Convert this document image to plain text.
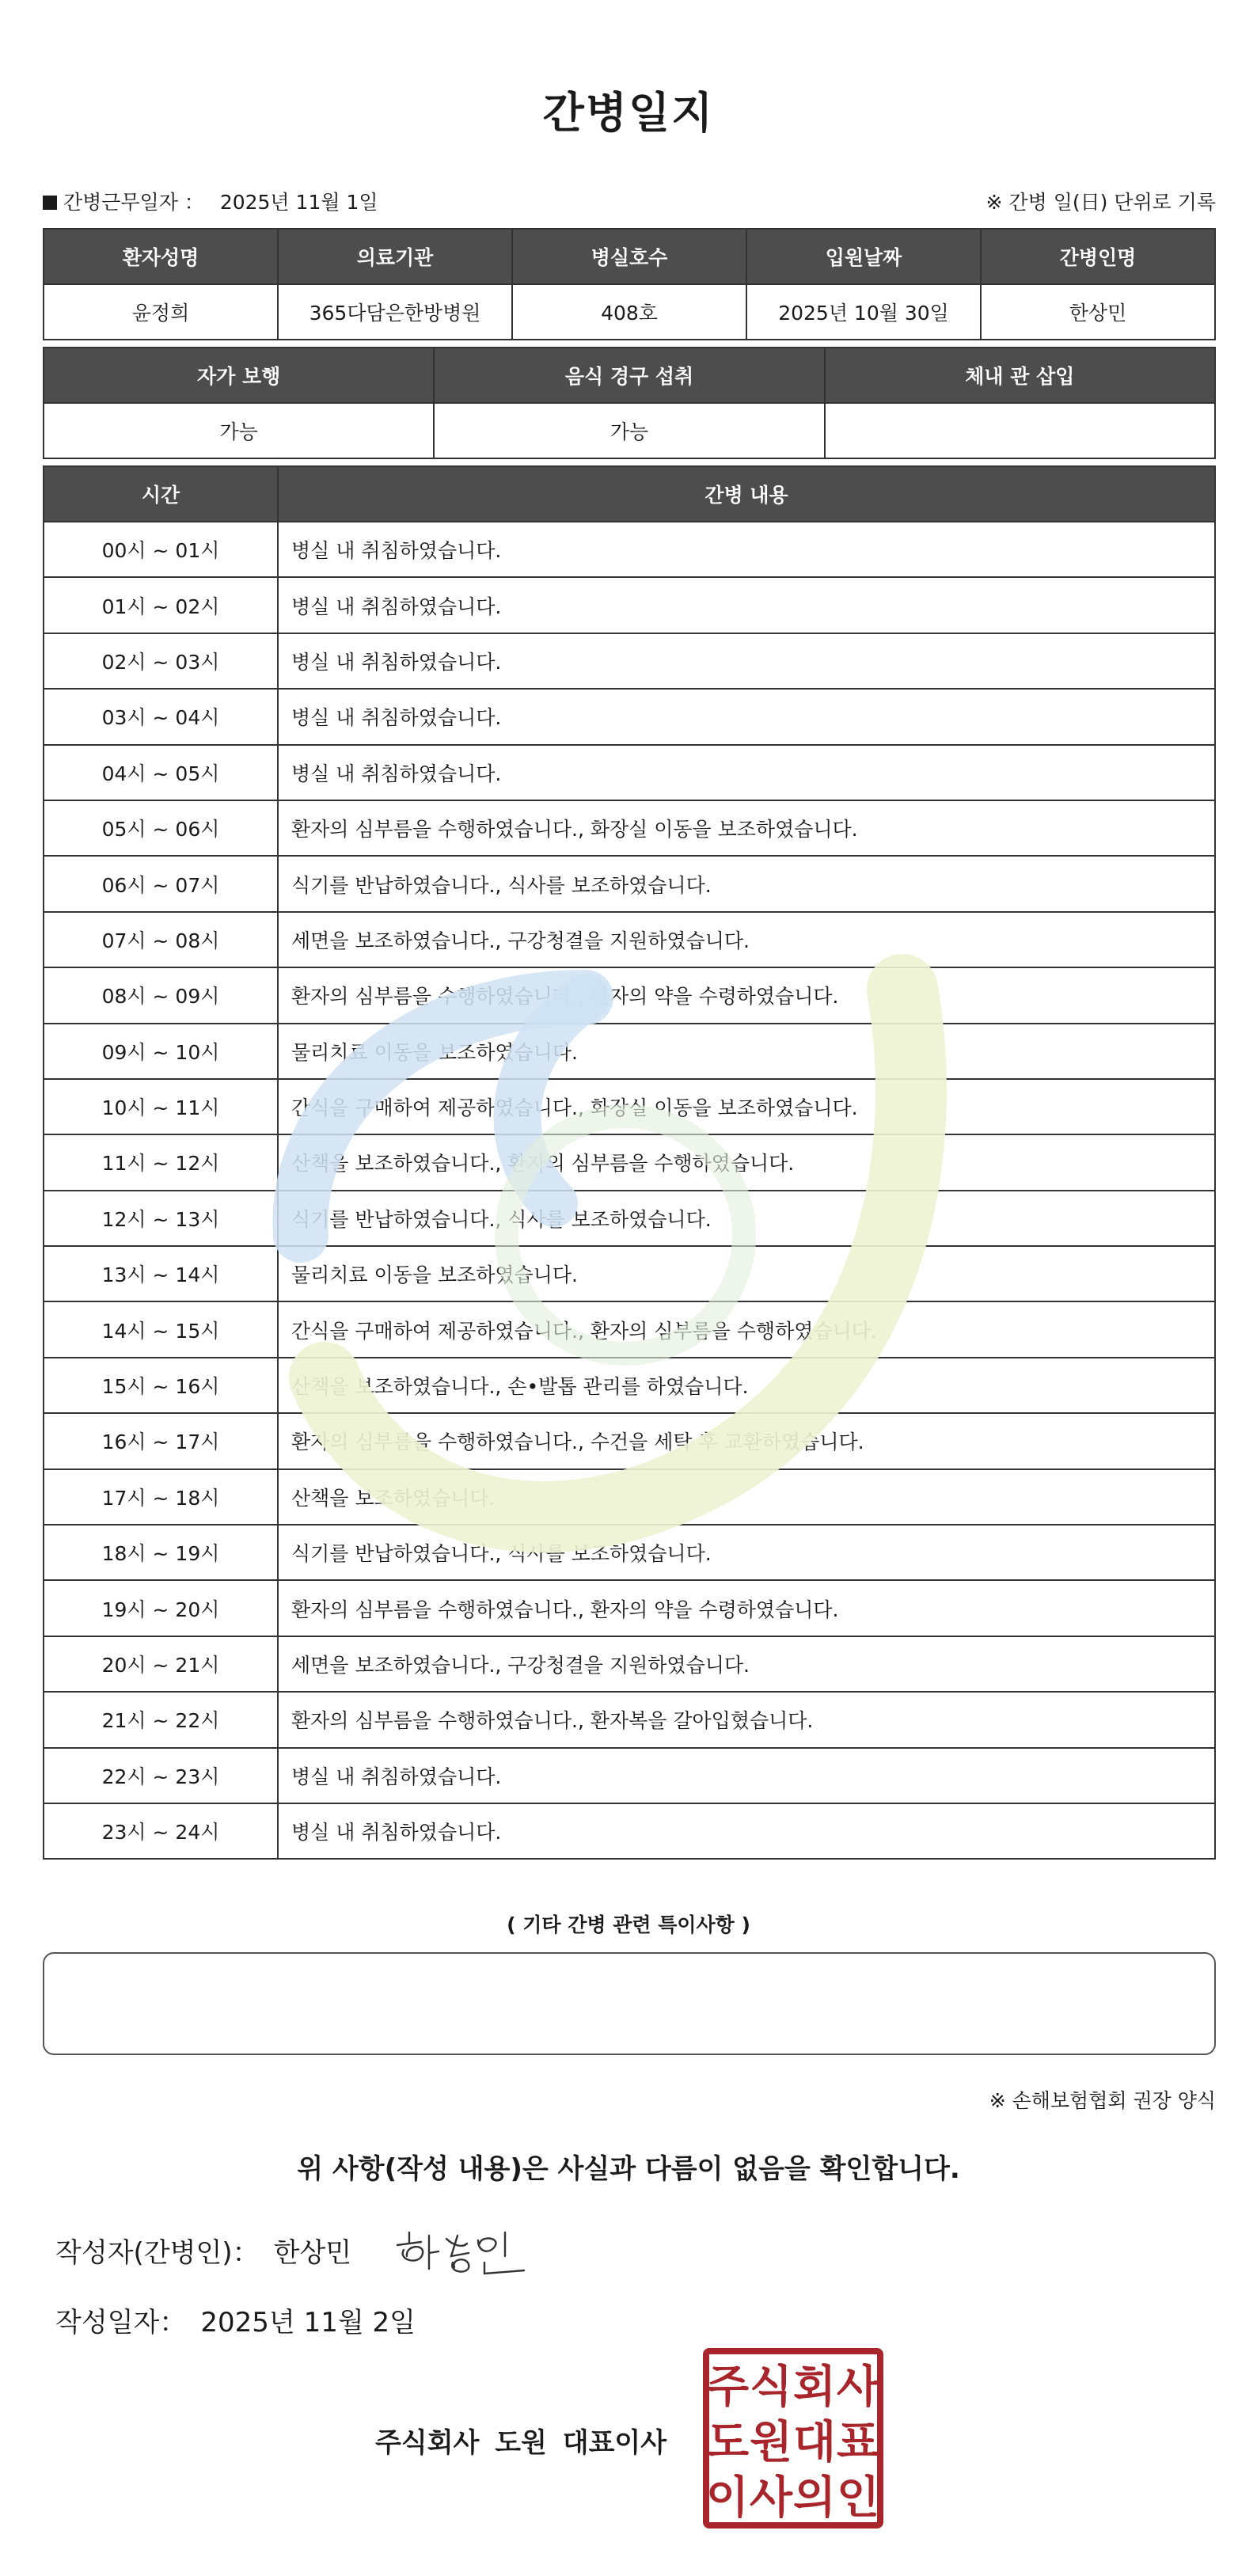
간병일지
간병근무일자 ： 2025년 11월 1일	※ 간병 일(日) 단위로 기록
환자성명	의료기관	병실호수	입원날짜	간병인명
윤정희	365다담은한방병원	408호	2025년 10월 30일	한상민
자가 보행	음식 경구 섭취	체내 관 삽입
가능	가능	
시간	간병 내용
00시 ~ 01시	병실 내 취침하였습니다.
01시 ~ 02시	병실 내 취침하였습니다.
02시 ~ 03시	병실 내 취침하였습니다.
03시 ~ 04시	병실 내 취침하였습니다.
04시 ~ 05시	병실 내 취침하였습니다.
05시 ~ 06시	환자의 심부름을 수행하였습니다., 화장실 이동을 보조하였습니다.
06시 ~ 07시	식기를 반납하였습니다., 식사를 보조하였습니다.
07시 ~ 08시	세면을 보조하였습니다., 구강청결을 지원하였습니다.
08시 ~ 09시	환자의 심부름을 수행하였습니다., 환자의 약을 수령하였습니다.
09시 ~ 10시	물리치료 이동을 보조하였습니다.
10시 ~ 11시	간식을 구매하여 제공하였습니다., 화장실 이동을 보조하였습니다.
11시 ~ 12시	산책을 보조하였습니다., 환자의 심부름을 수행하였습니다.
12시 ~ 13시	식기를 반납하였습니다., 식사를 보조하였습니다.
13시 ~ 14시	물리치료 이동을 보조하였습니다.
14시 ~ 15시	간식을 구매하여 제공하였습니다., 환자의 심부름을 수행하였습니다.
15시 ~ 16시	산책을 보조하였습니다., 손•발톱 관리를 하였습니다.
16시 ~ 17시	환자의 심부름을 수행하였습니다., 수건을 세탁 후 교환하였습니다.
17시 ~ 18시	산책을 보조하였습니다.
18시 ~ 19시	식기를 반납하였습니다., 식사를 보조하였습니다.
19시 ~ 20시	환자의 심부름을 수행하였습니다., 환자의 약을 수령하였습니다.
20시 ~ 21시	세면을 보조하였습니다., 구강청결을 지원하였습니다.
21시 ~ 22시	환자의 심부름을 수행하였습니다., 환자복을 갈아입혔습니다.
22시 ~ 23시	병실 내 취침하였습니다.
23시 ~ 24시	병실 내 취침하였습니다.
( 기타 간병 관련 특이사항 )
※ 손해보험협회 권장 양식
위 사항(작성 내용)은 사실과 다름이 없음을 확인합니다.
작성자(간병인)： 한상민
작성일자： 2025년 11월 2일
주식회사 도원 대표이사
주 식 회 사
도 원 대 표
이 사 의 인
